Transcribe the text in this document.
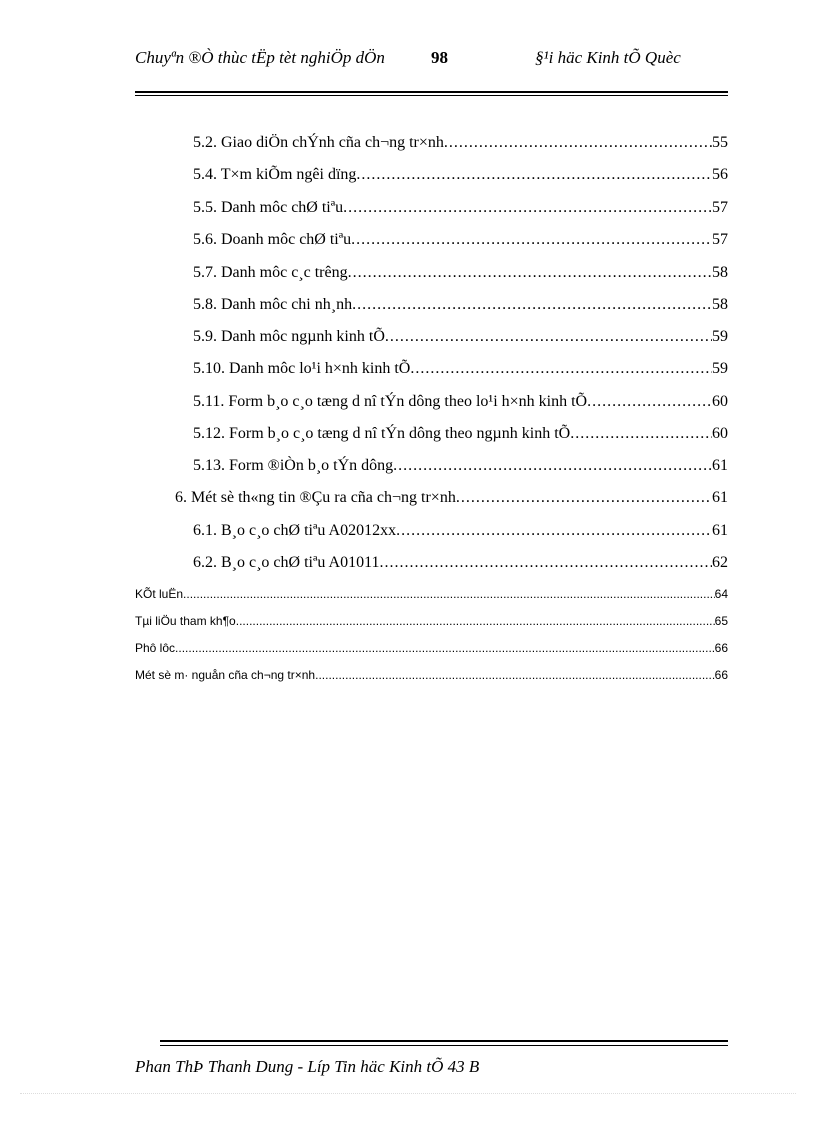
Chuyªn ®Ò thùc tËp tèt nghiÖp dÖn	98	§¹i häc Kinh tÕ Quèc
5.2. Giao diÖn chÝnh cña ch¬ng tr×nh .....	55
5.4. T×m kiÕm ngêi dïng .....	56
5.5. Danh môc chØ tiªu .....	57
5.6. Doanh môc chØ tiªu .....	57
5.7. Danh môc c¸c trêng .....	58
5.8. Danh môc chi nh¸nh .....	58
5.9. Danh môc ngµnh kinh tÕ .....	59
5.10. Danh môc lo¹i h×nh kinh tÕ .....	59
5.11. Form b¸o c¸o tæng d nî tÝn dông theo lo¹i h×nh kinh tÕ .....	60
5.12. Form b¸o c¸o tæng d nî tÝn dông theo ngµnh kinh tÕ .....	60
5.13. Form ®iÒn b¸o tÝn dông .....	61
6. Mét sè th«ng tin ®Çu ra cña ch¬ng tr×nh .....	61
6.1. B¸o c¸o chØ tiªu A02012xx .....	61
6.2. B¸o c¸o chØ tiªu A01011 .....	62
KÕt luËn .....	64
Tµi liÖu tham kh¶o .....	65
Phô lôc .....	66
Mét sè m· nguån cña ch¬ng tr×nh .....	66
Phan ThÞ Thanh Dung - Líp Tin häc Kinh tÕ 43 B
